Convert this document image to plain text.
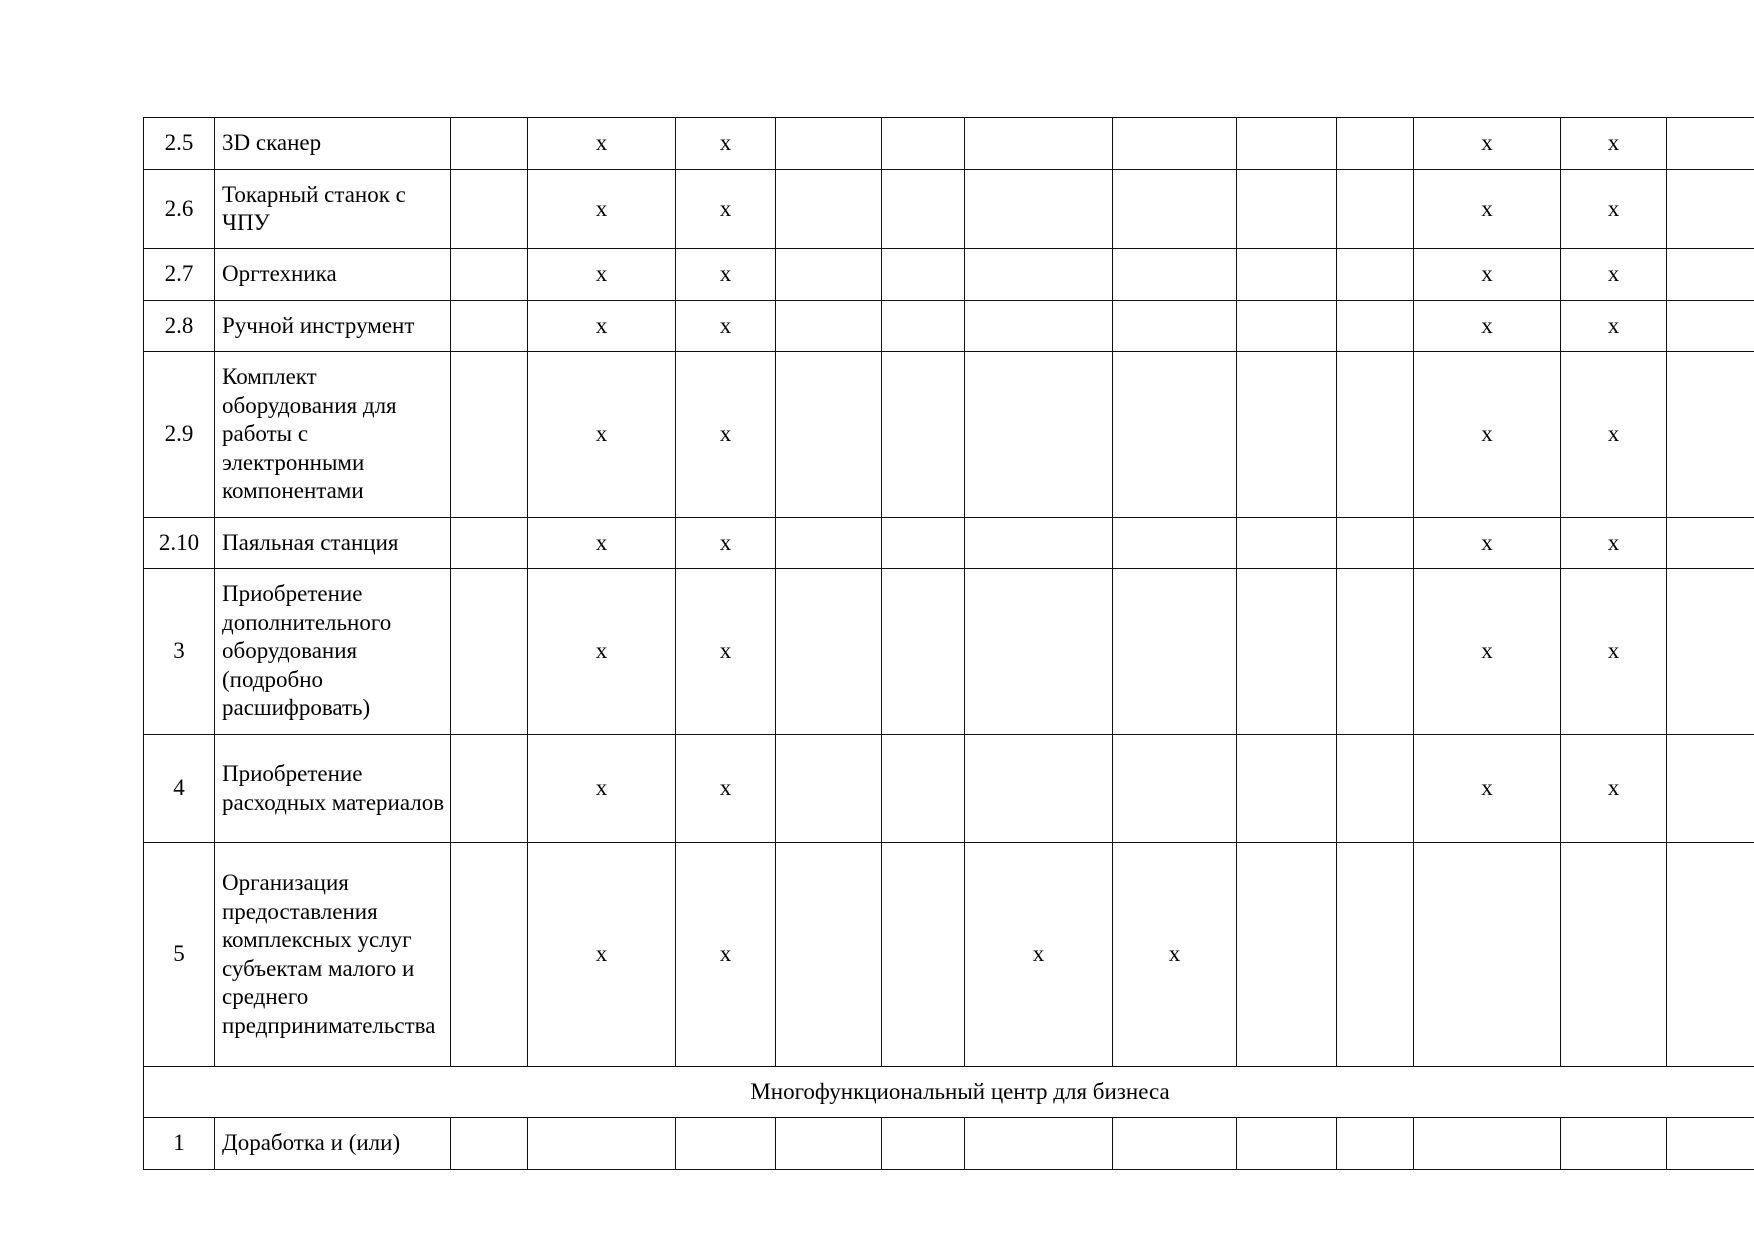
2.5	3D сканер		x	x							x	x	
2.6	Токарный станок с ЧПУ		x	x							x	x	
2.7	Оргтехника		x	x							x	x	
2.8	Ручной инструмент		x	x							x	x	
2.9	Комплект оборудования для работы с электронными компонентами		x	x							x	x	
2.10	Паяльная станция		x	x							x	x	
3	Приобретение дополнительного оборудования (подробно расшифровать)		x	x							x	x	
4	Приобретение расходных материалов		x	x							x	x	
5	Организация предоставления комплексных услуг субъектам малого и среднего предпринимательства		x	x			x	x					
Многофункциональный центр для бизнеса													
1	Доработка и (или)												
